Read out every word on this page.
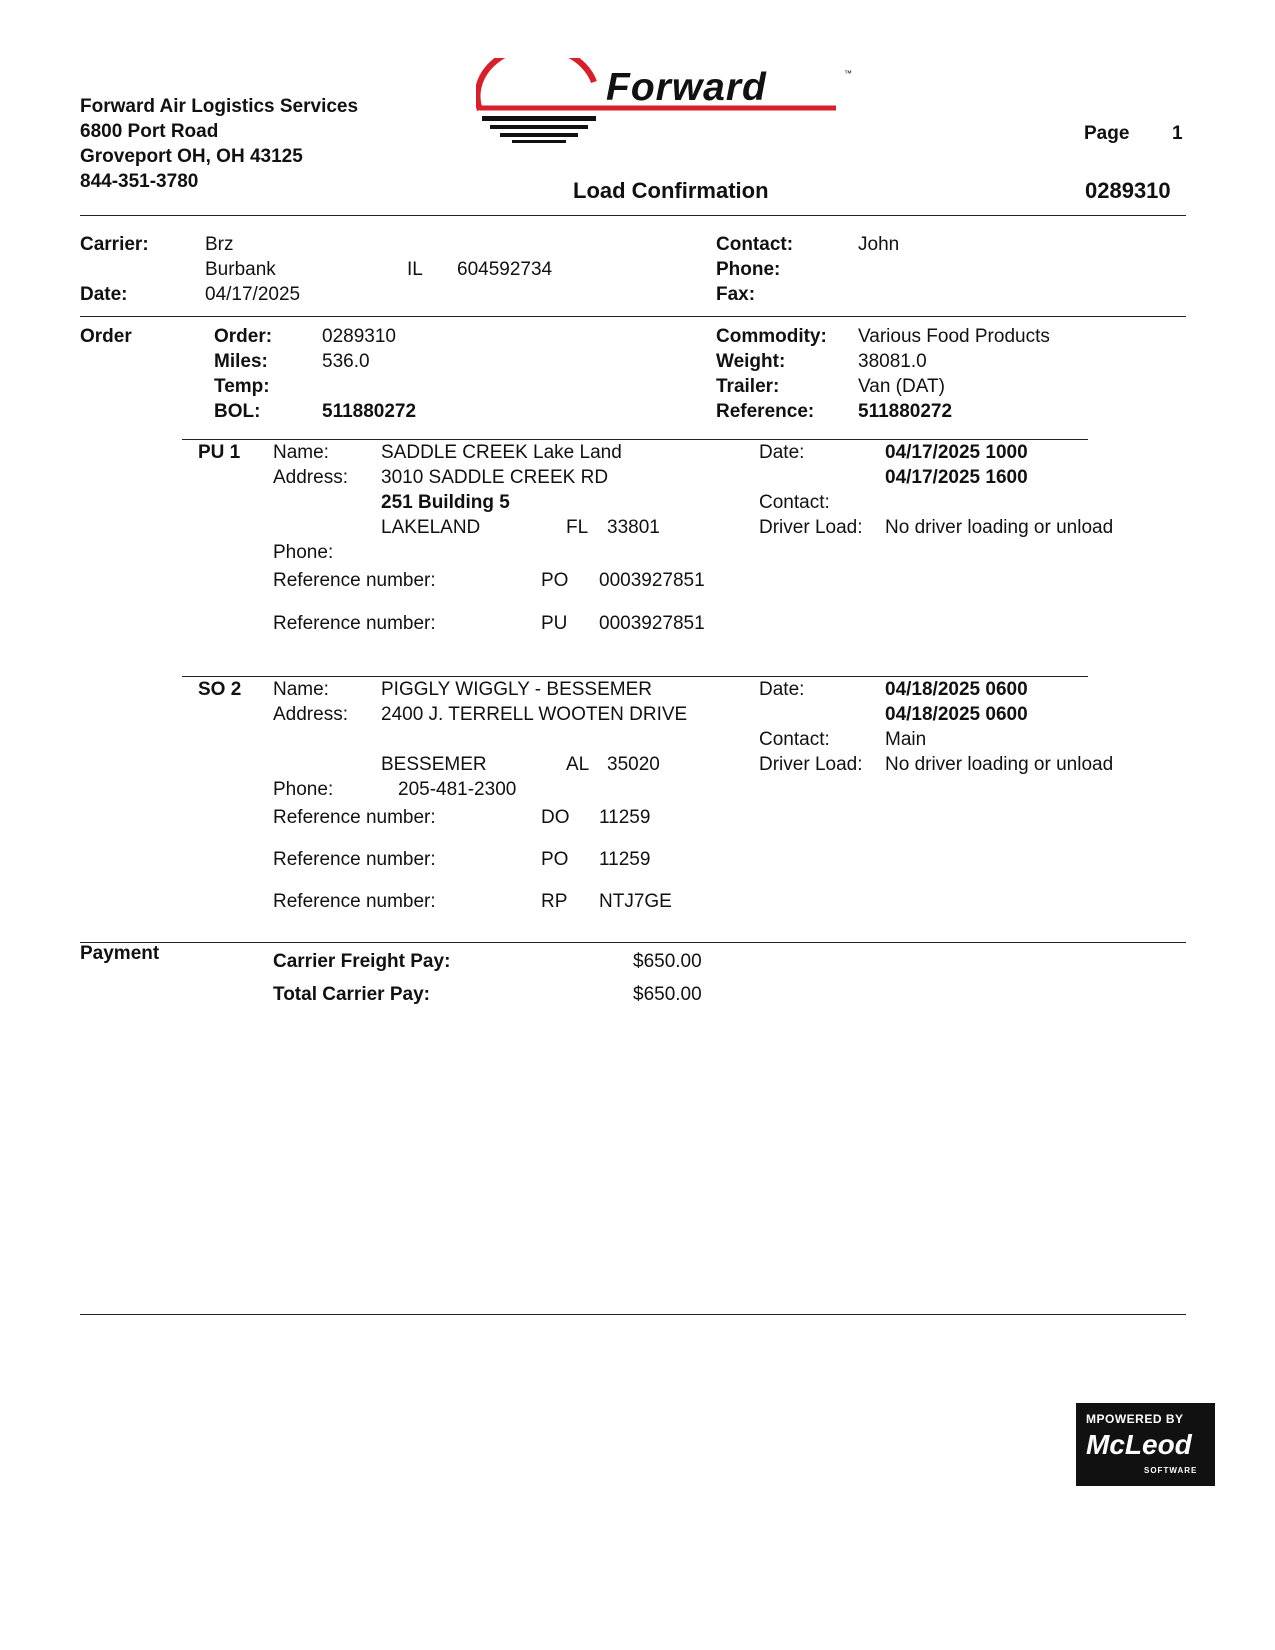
Forward Air Logistics Services
6800 Port Road
Groveport OH, OH 43125
844-351-3780
Forward	™
Page 1
Load Confirmation	0289310
Carrier:	Brz
Burbank	IL 604592734
Date:	04/17/2025
Contact:	John
Phone:
Fax:
Order	Order:	0289310
Miles:	536.0
Temp:
BOL:	511880272
Commodity: Various Food Products
Weight:	38081.0
Trailer:	Van (DAT)
Reference: 511880272
PU 1 Name:	SADDLE CREEK Lake Land
Address: 3010 SADDLE CREEK RD
251 Building 5
LAKELAND	FL 33801
Phone:
Reference number:	PO 0003927851
Reference number:	PU 0003927851
Date:	04/17/2025 1000
04/17/2025 1600
Contact:
Driver Load: No driver loading or unload
SO 2 Name:	PIGGLY WIGGLY - BESSEMER
Address: 2400 J. TERRELL WOOTEN DRIVE
BESSEMER	AL 35020
Phone:	205-481-2300
Reference number:	DO 11259
Reference number:	PO 11259
Reference number:	RP NTJ7GE
Date:	04/18/2025 0600
04/18/2025 0600
Contact:	Main
Driver Load: No driver loading or unload
Payment	Carrier Freight Pay:	$650.00
Total Carrier Pay:	$650.00
MPOWERED BY
McLeod
SOFTWARE
